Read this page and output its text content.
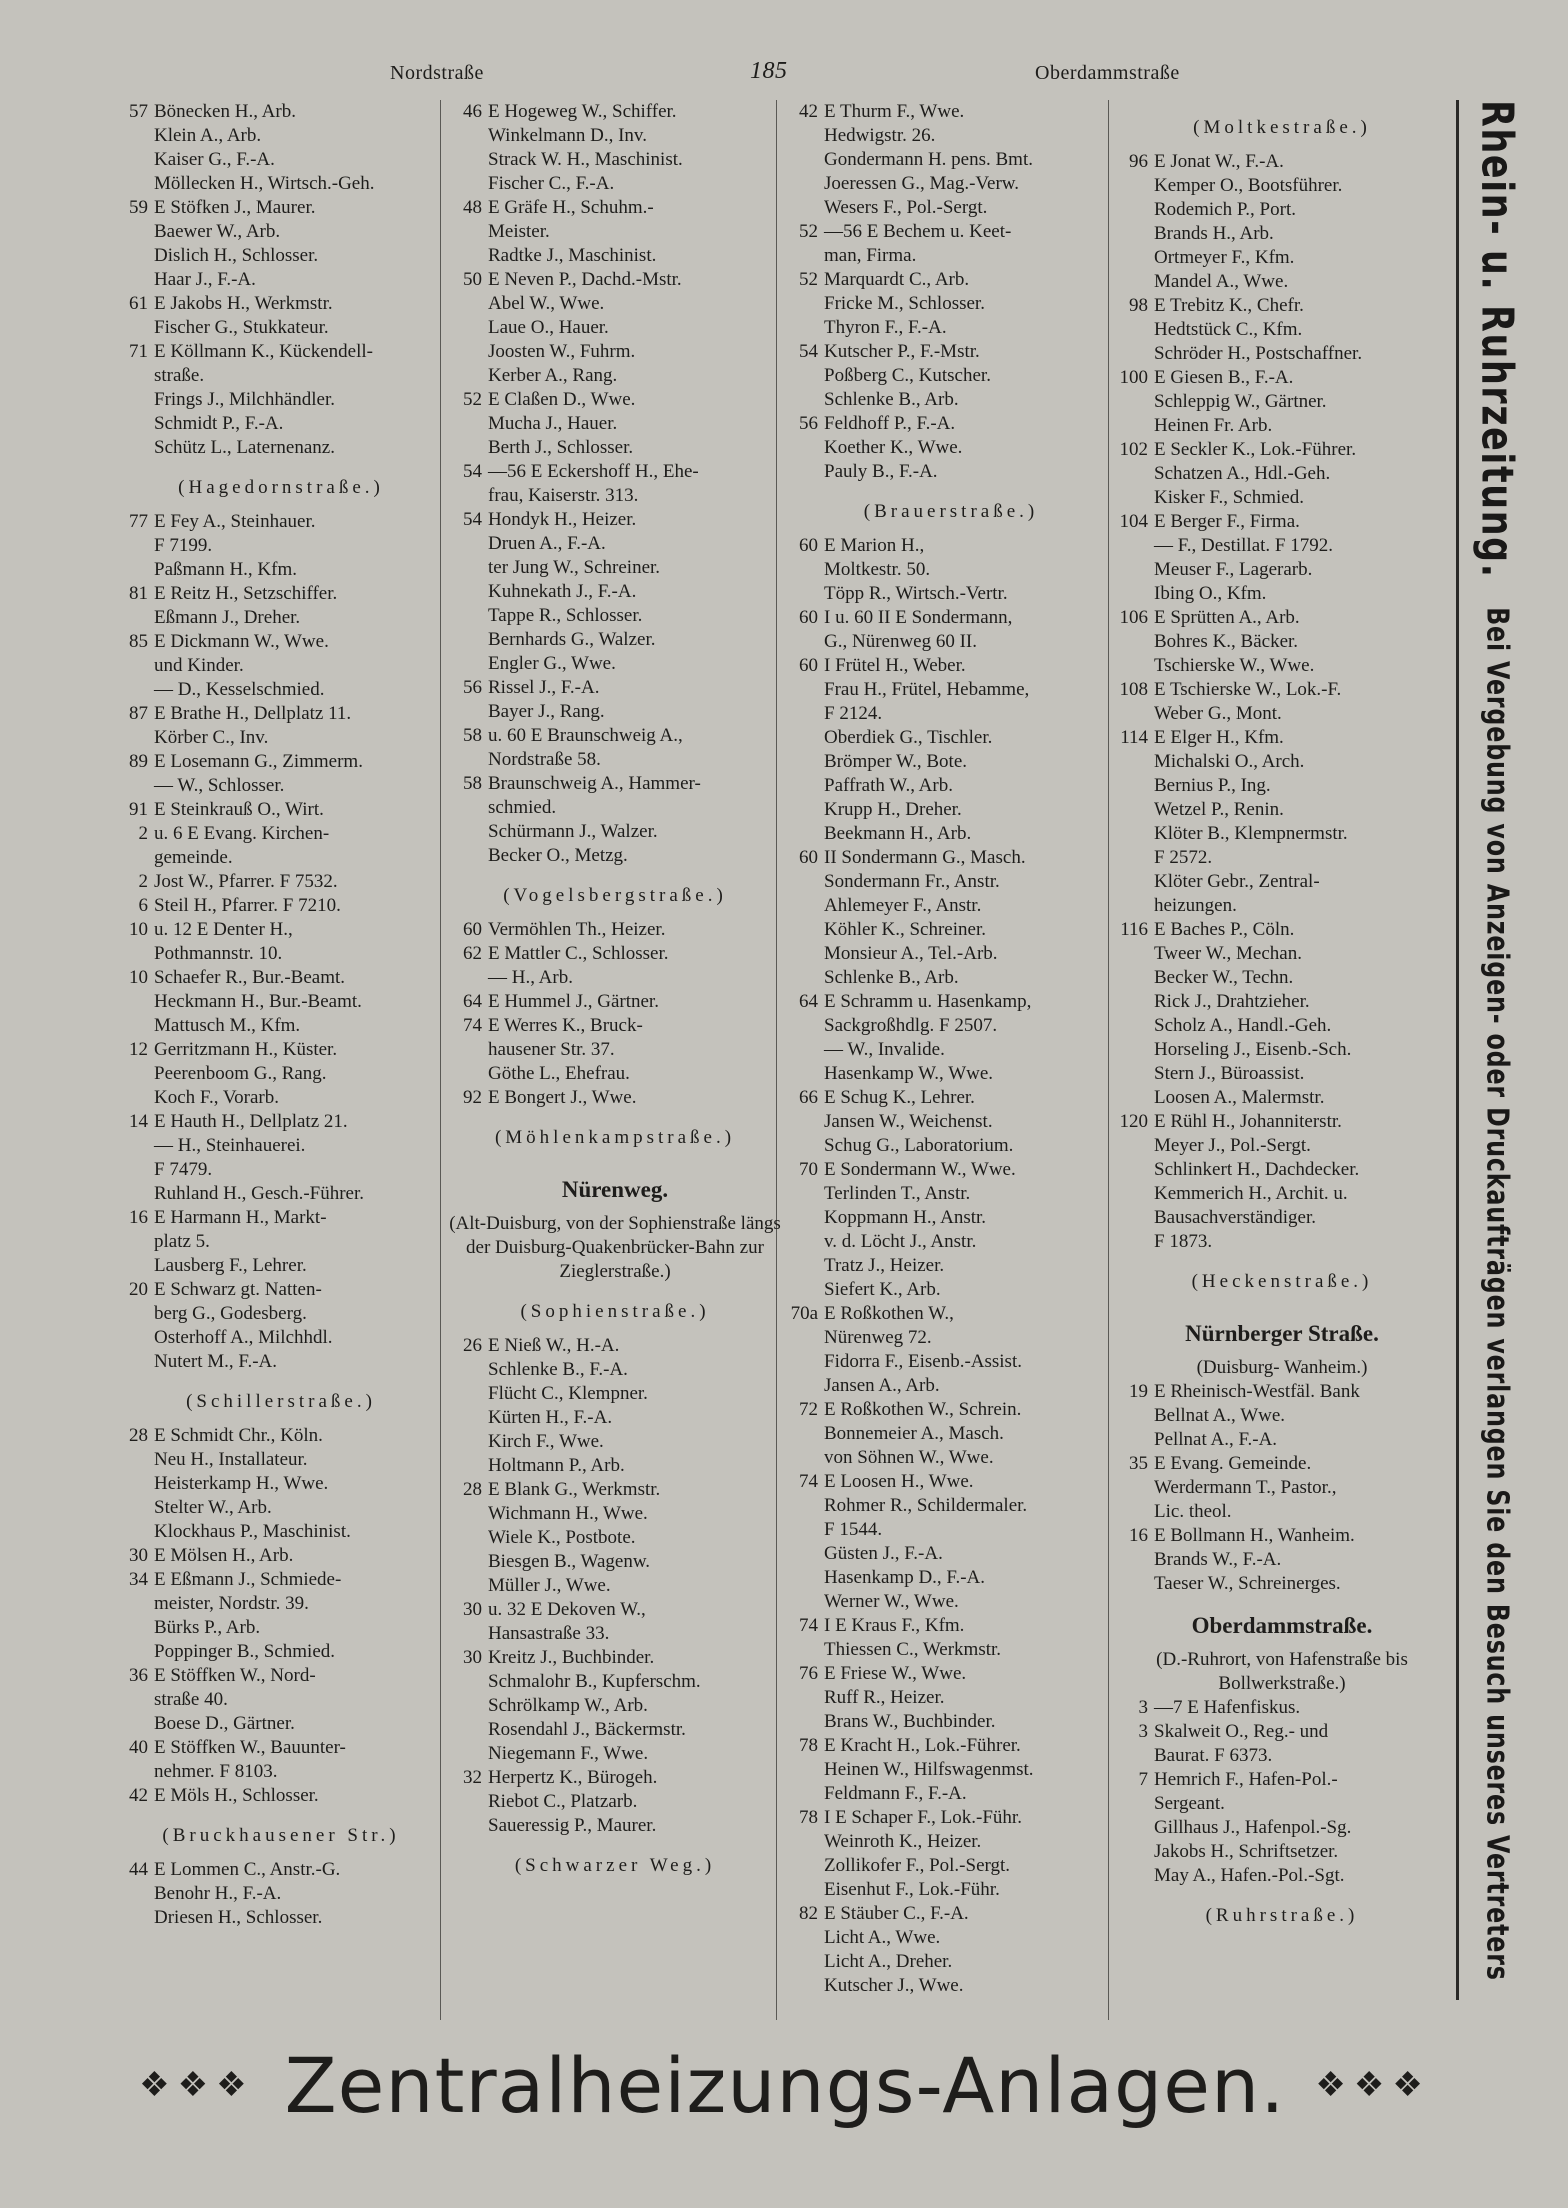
Nordstraße	185	Oberdammstraße
57 Bönecken H., Arb.
Klein A., Arb.
Kaiser G., F.-A.
Möllecken H., Wirtsch.-Geh.
59 E Stöfken J., Maurer.
Baewer W., Arb.
Dislich H., Schlosser.
Haar J., F.-A.
61 E Jakobs H., Werkmstr.
Fischer G., Stukkateur.
71 E Köllmann K., Kückendell-
straße.
Frings J., Milchhändler.
Schmidt P., F.-A.
Schütz L., Laternenanz.
(Hagedornstraße.)
77 E Fey A., Steinhauer.
F 7199.
Paßmann H., Kfm.
81 E Reitz H., Setzschiffer.
Eßmann J., Dreher.
85 E Dickmann W., Wwe.
und Kinder.
— D., Kesselschmied.
87 E Brathe H., Dellplatz 11.
Körber C., Inv.
89 E Losemann G., Zimmerm.
— W., Schlosser.
91 E Steinkrauß O., Wirt.
2 u. 6 E Evang. Kirchen-
gemeinde.
2 Jost W., Pfarrer. F 7532.
6 Steil H., Pfarrer. F 7210.
10 u. 12 E Denter H.,
Pothmannstr. 10.
10 Schaefer R., Bur.-Beamt.
Heckmann H., Bur.-Beamt.
Mattusch M., Kfm.
12 Gerritzmann H., Küster.
Peerenboom G., Rang.
Koch F., Vorarb.
14 E Hauth H., Dellplatz 21.
— H., Steinhauerei.
F 7479.
Ruhland H., Gesch.-Führer.
16 E Harmann H., Markt-
platz 5.
Lausberg F., Lehrer.
20 E Schwarz gt. Natten-
berg G., Godesberg.
Osterhoff A., Milchhdl.
Nutert M., F.-A.
(Schillerstraße.)
28 E Schmidt Chr., Köln.
Neu H., Installateur.
Heisterkamp H., Wwe.
Stelter W., Arb.
Klockhaus P., Maschinist.
30 E Mölsen H., Arb.
34 E Eßmann J., Schmiede-
meister, Nordstr. 39.
Bürks P., Arb.
Poppinger B., Schmied.
36 E Stöffken W., Nord-
straße 40.
Boese D., Gärtner.
40 E Stöffken W., Bauunter-
nehmer. F 8103.
42 E Möls H., Schlosser.
(Bruckhausener Str.)
44 E Lommen C., Anstr.-G.
Benohr H., F.-A.
Driesen H., Schlosser.
46 E Hogeweg W., Schiffer.
Winkelmann D., Inv.
Strack W. H., Maschinist.
Fischer C., F.-A.
48 E Gräfe H., Schuhm.-
Meister.
Radtke J., Maschinist.
50 E Neven P., Dachd.-Mstr.
Abel W., Wwe.
Laue O., Hauer.
Joosten W., Fuhrm.
Kerber A., Rang.
52 E Claßen D., Wwe.
Mucha J., Hauer.
Berth J., Schlosser.
54 —56 E Eckershoff H., Ehe-
frau, Kaiserstr. 313.
54 Hondyk H., Heizer.
Druen A., F.-A.
ter Jung W., Schreiner.
Kuhnekath J., F.-A.
Tappe R., Schlosser.
Bernhards G., Walzer.
Engler G., Wwe.
56 Rissel J., F.-A.
Bayer J., Rang.
58 u. 60 E Braunschweig A.,
Nordstraße 58.
58 Braunschweig A., Hammer-
schmied.
Schürmann J., Walzer.
Becker O., Metzg.
(Vogelsbergstraße.)
60 Vermöhlen Th., Heizer.
62 E Mattler C., Schlosser.
— H., Arb.
64 E Hummel J., Gärtner.
74 E Werres K., Bruck-
hausener Str. 37.
Göthe L., Ehefrau.
92 E Bongert J., Wwe.
(Möhlenkampstraße.)
Nürenweg.
(Alt-Duisburg, von der Sophienstraße längs der Duisburg-Quakenbrücker-Bahn zur Zieglerstraße.)
(Sophienstraße.)
26 E Nieß W., H.-A.
Schlenke B., F.-A.
Flücht C., Klempner.
Kürten H., F.-A.
Kirch F., Wwe.
Holtmann P., Arb.
28 E Blank G., Werkmstr.
Wichmann H., Wwe.
Wiele K., Postbote.
Biesgen B., Wagenw.
Müller J., Wwe.
30 u. 32 E Dekoven W.,
Hansastraße 33.
30 Kreitz J., Buchbinder.
Schmalohr B., Kupferschm.
Schrölkamp W., Arb.
Rosendahl J., Bäckermstr.
Niegemann F., Wwe.
32 Herpertz K., Bürogeh.
Riebot C., Platzarb.
Saueressig P., Maurer.
(Schwarzer Weg.)
42 E Thurm F., Wwe.
Hedwigstr. 26.
Gondermann H. pens. Bmt.
Joeressen G., Mag.-Verw.
Wesers F., Pol.-Sergt.
52 —56 E Bechem u. Keet-
man, Firma.
52 Marquardt C., Arb.
Fricke M., Schlosser.
Thyron F., F.-A.
54 Kutscher P., F.-Mstr.
Poßberg C., Kutscher.
Schlenke B., Arb.
56 Feldhoff P., F.-A.
Koether K., Wwe.
Pauly B., F.-A.
(Brauerstraße.)
60 E Marion H.,
Moltkestr. 50.
Töpp R., Wirtsch.-Vertr.
60 I u. 60 II E Sondermann,
G., Nürenweg 60 II.
60 I Frütel H., Weber.
Frau H., Frütel, Hebamme,
F 2124.
Oberdiek G., Tischler.
Brömper W., Bote.
Paffrath W., Arb.
Krupp H., Dreher.
Beekmann H., Arb.
60 II Sondermann G., Masch.
Sondermann Fr., Anstr.
Ahlemeyer F., Anstr.
Köhler K., Schreiner.
Monsieur A., Tel.-Arb.
Schlenke B., Arb.
64 E Schramm u. Hasenkamp,
Sackgroßhdlg. F 2507.
— W., Invalide.
Hasenkamp W., Wwe.
66 E Schug K., Lehrer.
Jansen W., Weichenst.
Schug G., Laboratorium.
70 E Sondermann W., Wwe.
Terlinden T., Anstr.
Koppmann H., Anstr.
v. d. Löcht J., Anstr.
Tratz J., Heizer.
Siefert K., Arb.
70a E Roßkothen W.,
Nürenweg 72.
Fidorra F., Eisenb.-Assist.
Jansen A., Arb.
72 E Roßkothen W., Schrein.
Bonnemeier A., Masch.
von Söhnen W., Wwe.
74 E Loosen H., Wwe.
Rohmer R., Schildermaler.
F 1544.
Güsten J., F.-A.
Hasenkamp D., F.-A.
Werner W., Wwe.
74 I E Kraus F., Kfm.
Thiessen C., Werkmstr.
76 E Friese W., Wwe.
Ruff R., Heizer.
Brans W., Buchbinder.
78 E Kracht H., Lok.-Führer.
Heinen W., Hilfswagenmst.
Feldmann F., F.-A.
78 I E Schaper F., Lok.-Führ.
Weinroth K., Heizer.
Zollikofer F., Pol.-Sergt.
Eisenhut F., Lok.-Führ.
82 E Stäuber C., F.-A.
Licht A., Wwe.
Licht A., Dreher.
Kutscher J., Wwe.
(Moltkestraße.)
96 E Jonat W., F.-A.
Kemper O., Bootsführer.
Rodemich P., Port.
Brands H., Arb.
Ortmeyer F., Kfm.
Mandel A., Wwe.
98 E Trebitz K., Chefr.
Hedtstück C., Kfm.
Schröder H., Postschaffner.
100 E Giesen B., F.-A.
Schleppig W., Gärtner.
Heinen Fr. Arb.
102 E Seckler K., Lok.-Führer.
Schatzen A., Hdl.-Geh.
Kisker F., Schmied.
104 E Berger F., Firma.
— F., Destillat. F 1792.
Meuser F., Lagerarb.
Ibing O., Kfm.
106 E Sprütten A., Arb.
Bohres K., Bäcker.
Tschierske W., Wwe.
108 E Tschierske W., Lok.-F.
Weber G., Mont.
114 E Elger H., Kfm.
Michalski O., Arch.
Bernius P., Ing.
Wetzel P., Renin.
Klöter B., Klempnermstr.
F 2572.
Klöter Gebr., Zentral-
heizungen.
116 E Baches P., Cöln.
Tweer W., Mechan.
Becker W., Techn.
Rick J., Drahtzieher.
Scholz A., Handl.-Geh.
Horseling J., Eisenb.-Sch.
Stern J., Büroassist.
Loosen A., Malermstr.
120 E Rühl H., Johanniterstr.
Meyer J., Pol.-Sergt.
Schlinkert H., Dachdecker.
Kemmerich H., Archit. u.
Bausachverständiger.
F 1873.
(Heckenstraße.)
Nürnberger Straße.
(Duisburg- Wanheim.)
19 E Rheinisch-Westfäl. Bank
Bellnat A., Wwe.
Pellnat A., F.-A.
35 E Evang. Gemeinde.
Werdermann T., Pastor.,
Lic. theol.
16 E Bollmann H., Wanheim.
Brands W., F.-A.
Taeser W., Schreinerges.
Oberdammstraße.
(D.-Ruhrort, von Hafenstraße bis Bollwerkstraße.)
3 —7 E Hafenfiskus.
3 Skalweit O., Reg.- und
Baurat. F 6373.
7 Hemrich F., Hafen-Pol.-
Sergeant.
Gillhaus J., Hafenpol.-Sg.
Jakobs H., Schriftsetzer.
May A., Hafen.-Pol.-Sgt.
(Ruhrstraße.)
Rhein- u. Ruhrzeitung. Bei Vergebung von Anzeigen- oder Druckaufträgen verlangen Sie den Besuch unseres Vertreters
❖❖❖ Zentralheizungs-Anlagen. ❖❖❖
